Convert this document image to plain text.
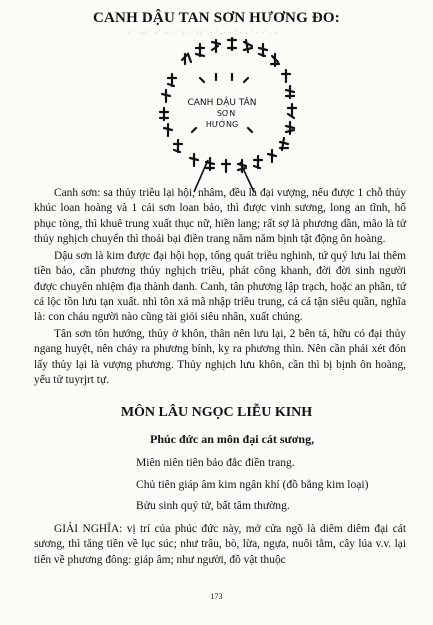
CANH DẬU TAN SƠN HƯƠNG ĐO:
· ˙ ·.· ˙ ·˙ ·. · ˙ . · ˙·. ˙ · ˙ .· · ˙ · . ˙ · ·˙ . ·
CANH DẬU TÂN
SƠN
HƯỚNG

Canh sơn: sa thủy triều lại hội, nhâm, đều là đại vượng, nếu được 1 chỗ thủy khúc loan hoàng và 1 cái sơn loan bảo, thì được vinh sương, long an tĩnh, hổ phục tòng, thì khuê trung xuất thục nữ, hiền lang; rất sợ là phương dần, mão là tử thủy nghịch chuyển thì thoái bại điền trang năm năm bịnh tật động ôn hoàng.

Dậu sơn là kim được đại hội họp, tổng quát triều nghinh, tứ quý lưu lai thêm tiền bảo, cần phương thủy nghịch triều, phát công khanh, đời đời sinh người được chuyên nhiệm địa thành danh. Canh, tân phương lập trạch, hoặc an phần, tứ cá lộc tồn lưu tạn xuất. nhì tôn xá mã nhập triều trung, cá cá tận siêu quần, nghĩa là: con cháu người nào cũng tài giỏi siêu nhân, xuất chúng.

Tân sơn tôn hướng, thủy ở khôn, thân nên lưu lại, 2 bên tả, hữu có đại thủy ngang huyệt, nên chảy ra phương bính, kỵ ra phương thìn. Nên cần phải xét đón lấy thủy lại là vượng phương. Thủy nghịch lưu khôn, cần thì bị bịnh ôn hoàng, yểu tử tuyrjrt tự.

MÔN LÂU NGỌC LIỄU KINH
Phúc đức an môn đại cát sương,
Miên niên tiên bảo đắc điền trang.
Chủ tiên giáp âm kim ngân khí (đồ bằng kim loại)
Bửu sinh quý tử, bất tâm thường.

GIẢI NGHĨA: vị trí của phúc đức này, mở cửa ngõ là diêm diêm đại cát sương, thì tăng tiền về lục súc; như trâu, bò, lừa, ngựa, nuôi tằm, cây lúa v.v. lại tiến về phương đông: giáp âm; như người, đồ vật thuộc

173
